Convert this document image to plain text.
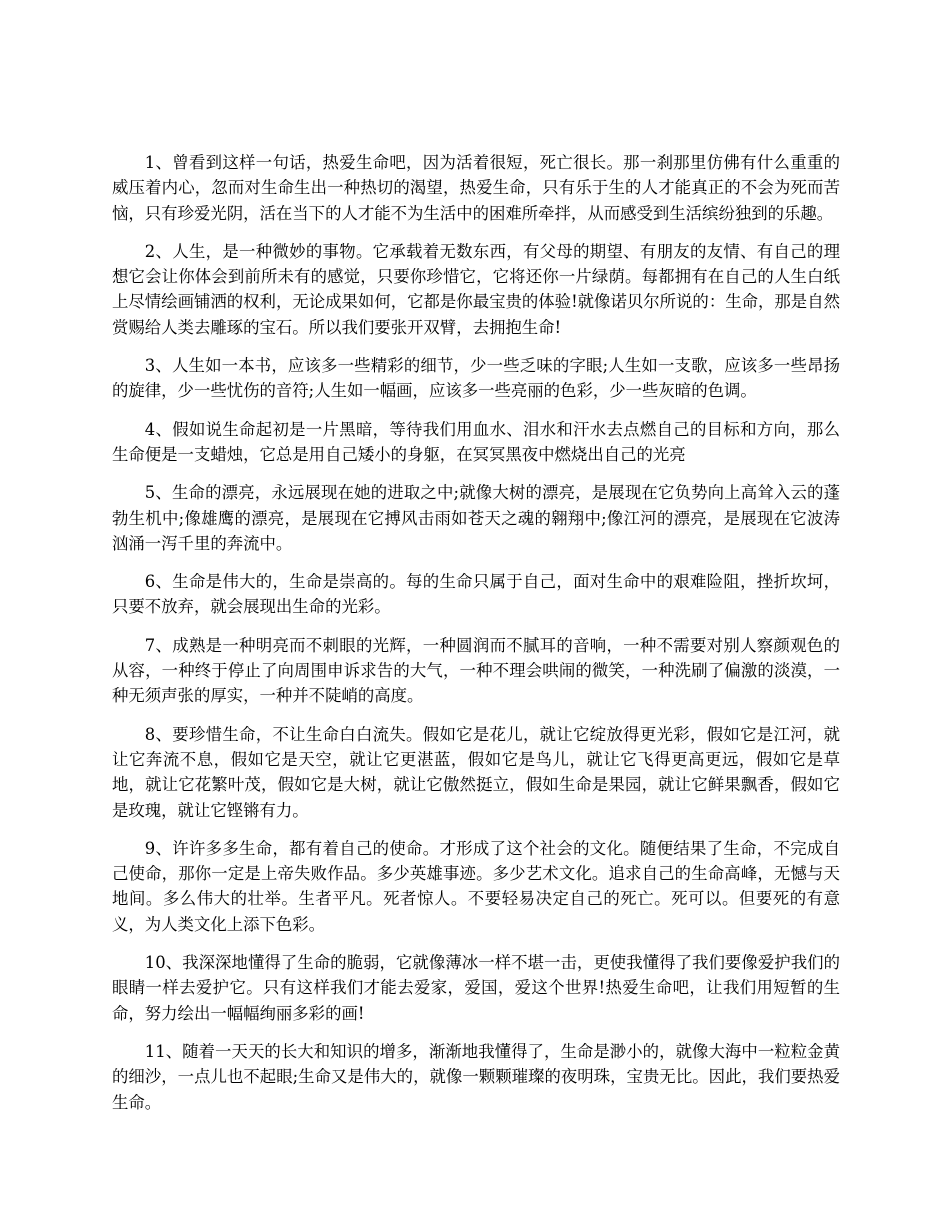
1、曾看到这样一句话，热爱生命吧，因为活着很短，死亡很长。那一刹那里仿佛有什么重重的威压着内心，忽而对生命生出一种热切的渴望，热爱生命，只有乐于生的人才能真正的不会为死而苦恼，只有珍爱光阴，活在当下的人才能不为生活中的困难所牵拌，从而感受到生活缤纷独到的乐趣。

2、人生，是一种微妙的事物。它承载着无数东西，有父母的期望、有朋友的友情、有自己的理想它会让你体会到前所未有的感觉，只要你珍惜它，它将还你一片绿荫。每都拥有在自己的人生白纸上尽情绘画铺洒的权利，无论成果如何，它都是你最宝贵的体验!就像诺贝尔所说的：生命，那是自然赏赐给人类去雕琢的宝石。所以我们要张开双臂，去拥抱生命!

3、人生如一本书，应该多一些精彩的细节，少一些乏味的字眼;人生如一支歌，应该多一些昂扬的旋律，少一些忧伤的音符;人生如一幅画，应该多一些亮丽的色彩，少一些灰暗的色调。

4、假如说生命起初是一片黑暗，等待我们用血水、泪水和汗水去点燃自己的目标和方向，那么生命便是一支蜡烛，它总是用自己矮小的身躯，在冥冥黑夜中燃烧出自己的光亮

5、生命的漂亮，永远展现在她的进取之中;就像大树的漂亮，是展现在它负势向上高耸入云的蓬勃生机中;像雄鹰的漂亮，是展现在它搏风击雨如苍天之魂的翱翔中;像江河的漂亮，是展现在它波涛汹涌一泻千里的奔流中。

6、生命是伟大的，生命是崇高的。每的生命只属于自己，面对生命中的艰难险阻，挫折坎坷，只要不放弃，就会展现出生命的光彩。

7、成熟是一种明亮而不刺眼的光辉，一种圆润而不腻耳的音响，一种不需要对别人察颜观色的从容，一种终于停止了向周围申诉求告的大气，一种不理会哄闹的微笑，一种洗刷了偏激的淡漠，一种无须声张的厚实，一种并不陡峭的高度。

8、要珍惜生命，不让生命白白流失。假如它是花儿，就让它绽放得更光彩，假如它是江河，就让它奔流不息，假如它是天空，就让它更湛蓝，假如它是鸟儿，就让它飞得更高更远，假如它是草地，就让它花繁叶茂，假如它是大树，就让它傲然挺立，假如生命是果园，就让它鲜果飘香，假如它是玫瑰，就让它铿锵有力。

9、许许多多生命，都有着自己的使命。才形成了这个社会的文化。随便结果了生命，不完成自己使命，那你一定是上帝失败作品。多少英雄事迹。多少艺术文化。追求自己的生命高峰，无憾与天地间。多么伟大的壮举。生者平凡。死者惊人。不要轻易决定自己的死亡。死可以。但要死的有意义，为人类文化上添下色彩。

10、我深深地懂得了生命的脆弱，它就像薄冰一样不堪一击，更使我懂得了我们要像爱护我们的眼睛一样去爱护它。只有这样我们才能去爱家，爱国，爱这个世界!热爱生命吧，让我们用短暂的生命，努力绘出一幅幅绚丽多彩的画!

11、随着一天天的长大和知识的增多，渐渐地我懂得了，生命是渺小的，就像大海中一粒粒金黄的细沙，一点儿也不起眼;生命又是伟大的，就像一颗颗璀璨的夜明珠，宝贵无比。因此，我们要热爱生命。
